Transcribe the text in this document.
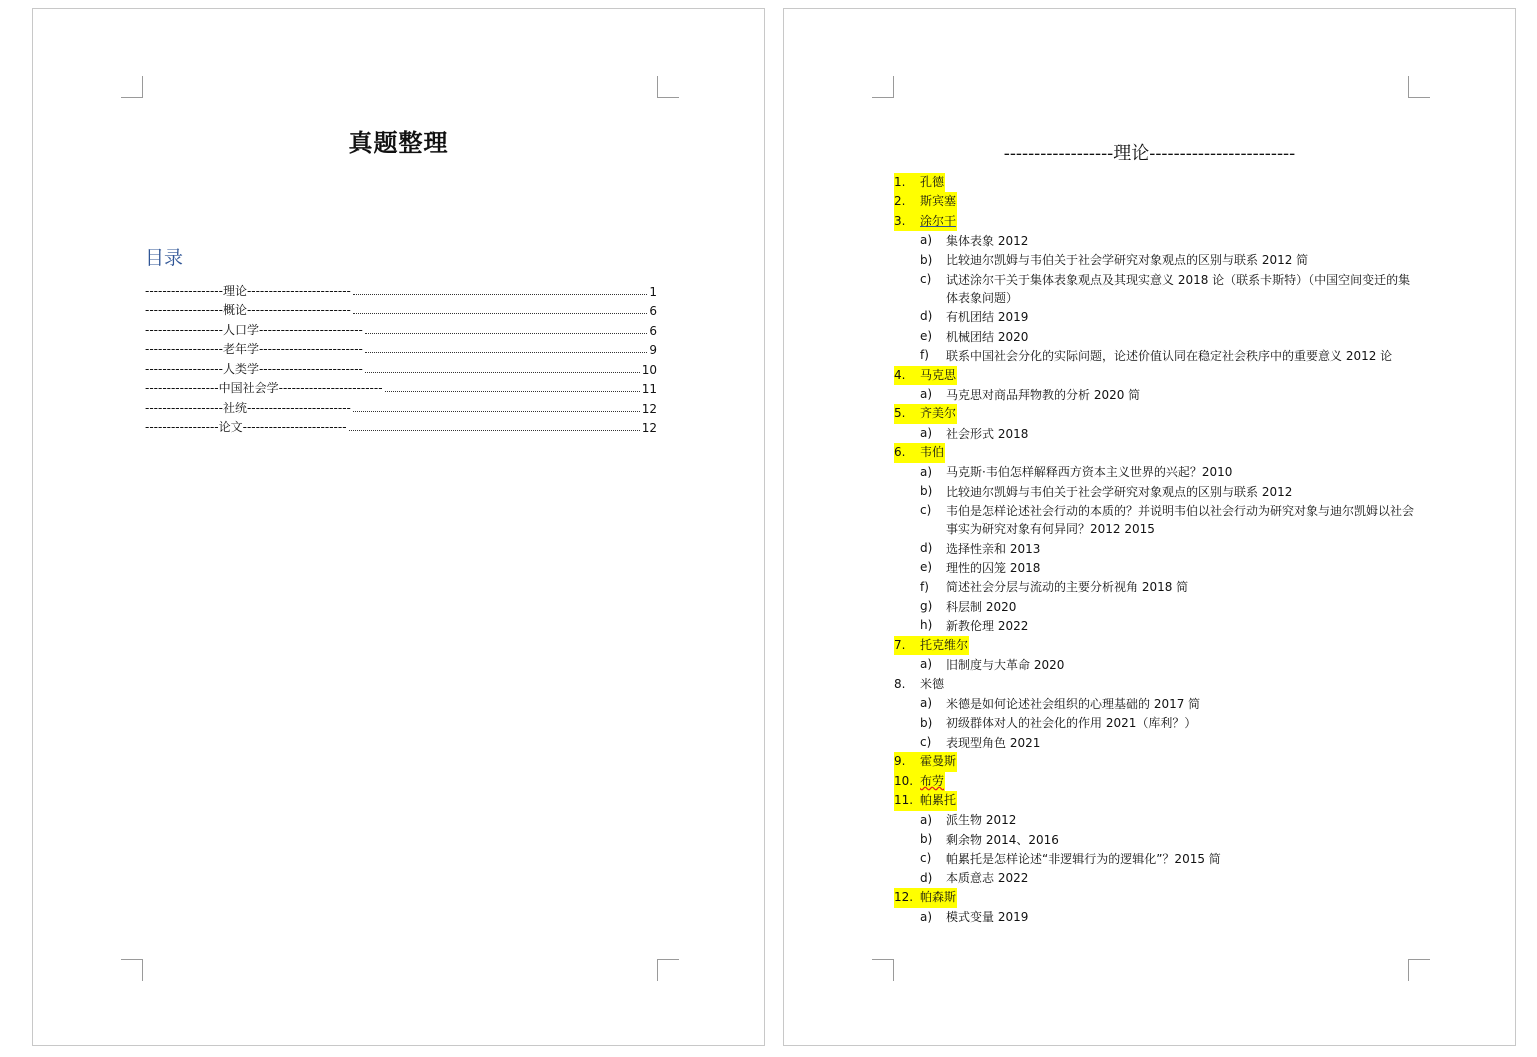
真题整理
目录
------------------理论------------------------	1
------------------概论------------------------	6
------------------人口学------------------------	6
------------------老年学------------------------	9
------------------人类学------------------------	10
-----------------中国社会学------------------------	11
------------------社统------------------------	12
-----------------论文------------------------	12
------------------理论------------------------
1.	孔德
2.	斯宾塞
3.	涂尔干
a)	集体表象 2012
b)	比较迪尔凯姆与韦伯关于社会学研究对象观点的区别与联系 2012 简
c)	试述涂尔干关于集体表象观点及其现实意义 2018 论（联系卡斯特）（中国空间变迁的集体表象问题）
d)	有机团结 2019
e)	机械团结 2020
f)	联系中国社会分化的实际问题，论述价值认同在稳定社会秩序中的重要意义 2012 论
4.	马克思
a)	马克思对商品拜物教的分析 2020 简
5.	齐美尔
a)	社会形式 2018
6.	韦伯
a)	马克斯·韦伯怎样解释西方资本主义世界的兴起？2010
b)	比较迪尔凯姆与韦伯关于社会学研究对象观点的区别与联系 2012
c)	韦伯是怎样论述社会行动的本质的？并说明韦伯以社会行动为研究对象与迪尔凯姆以社会事实为研究对象有何异同？2012 2015
d)	选择性亲和 2013
e)	理性的囚笼 2018
f)	简述社会分层与流动的主要分析视角 2018 简
g)	科层制 2020
h)	新教伦理 2022
7.	托克维尔
a)	旧制度与大革命 2020
8.	米德
a)	米德是如何论述社会组织的心理基础的 2017 简
b)	初级群体对人的社会化的作用 2021（库利？）
c)	表现型角色 2021
9.	霍曼斯
10. 布劳
11. 帕累托
a)	派生物 2012
b)	剩余物 2014、2016
c)	帕累托是怎样论述“非逻辑行为的逻辑化”？2015 简
d)	本质意志 2022
12. 帕森斯
a)	模式变量 2019
